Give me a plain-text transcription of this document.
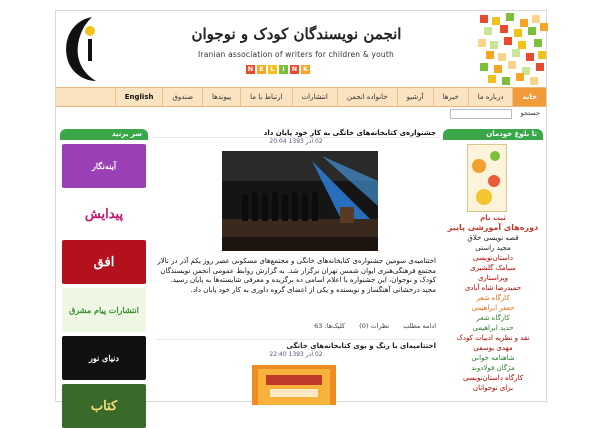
انجمن نویسندگان کودک و نوجوان
Iranian association of writers for children & youth
N E	L	I	N K
خانه
درباره ما
خبرها
آرشیو
خانواده انجمن
انتشارات
ارتباط با ما
پیوندها
صندوق
English
جستجو
سر بزنید
آینه‌نگار
پیدایش
افق
انتشارات پیام مشرق
دنیای نور
کتاب
جشنواره‌ی کتابخانه‌های خانگی به کار خود پایان داد
02 آذر 1393 20:04
اختتامیه‌ی سومین جشنواره‌ی کتابخانه‌های خانگی و مجتمع‌های مسکونی عصر روز یکم آذر در تالار مجتمع فرهنگی‌هنری ایوان شمس تهران برگزار شد. به گزارش روابط عمومی انجمن نویسندگان کودک و نوجوان، این جشنواره با اعلام اسامی ده برگزیده و معرفی شایسته‌ها به پایان رسید. مجید درخشانی آهنگساز و نویسنده و یکی از اعضای گروه داوری به کار خود پایان داد.
ادامه مطلب
نظرات (0)
کلیک‌ها: 63
اختتامیه‌ای با رنگ و بوی کتابخانه‌های خانگی
02 آذر 1393 22:40
تا بلوغ خودمان
ثبت نام
دوره‌های آموزشی پاییز
قصه نویسی خلاق
مجید راستی
داستان‌نویسی
سیامک گلشیری
ویراستاری
حمیدرضا شاه آبادی
کارگاه شعر
جعفر ابراهیمی
کارگاه شعر
حدید ابراهیمی
نقد و نظریه ادبیات کودک
مهدی یوسفی
شاهنامه خوانی
مژگان فولادوند
کارگاه داستان‌نویسی
برای نوجوانان
